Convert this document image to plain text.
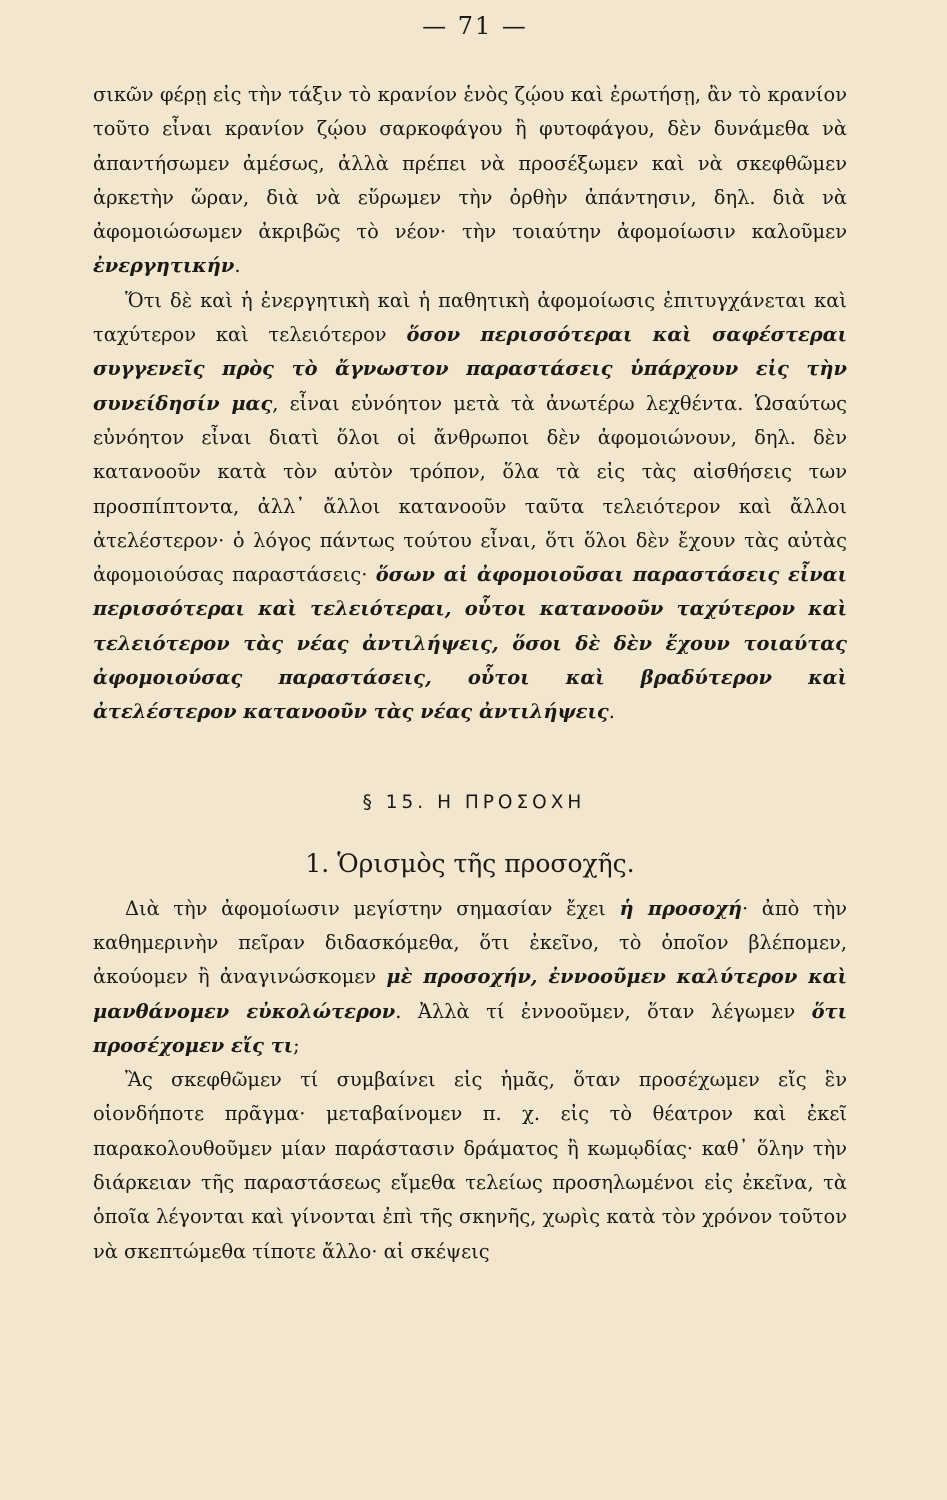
— 71 —

σικῶν φέρῃ εἰς τὴν τάξιν τὸ κρανίον ἑνὸς ζῴου καὶ ἐρωτήσῃ, ἂν τὸ κρανίον τοῦτο εἶναι κρανίον ζῴου σαρκοφάγου ἢ φυτοφάγου, δὲν δυνάμεθα νὰ ἀπαντήσωμεν ἀμέσως, ἀλλὰ πρέπει νὰ προσέξωμεν καὶ νὰ σκεφθῶμεν ἀρκετὴν ὥραν, διὰ νὰ εὕρωμεν τὴν ὀρθὴν ἀπάντησιν, δηλ. διὰ νὰ ἀφομοιώσωμεν ἀκριβῶς τὸ νέον· τὴν τοιαύτην ἀφομοίωσιν καλοῦμεν ἐνεργητικήν.

Ὅτι δὲ καὶ ἡ ἐνεργητικὴ καὶ ἡ παθητικὴ ἀφομοίωσις ἐπιτυγχάνεται καὶ ταχύτερον καὶ τελειότερον ὅσον περισσότεραι καὶ σαφέστεραι συγγενεῖς πρὸς τὸ ἄγνωστον παραστάσεις ὑπάρχουν εἰς τὴν συνείδησίν μας, εἶναι εὐνόητον μετὰ τὰ ἀνωτέρω λεχθέντα. Ὡσαύτως εὐνόητον εἶναι διατὶ ὅλοι οἱ ἄνθρωποι δὲν ἀφομοιώνουν, δηλ. δὲν κατανοοῦν κατὰ τὸν αὐτὸν τρόπον, ὅλα τὰ εἰς τὰς αἰσθήσεις των προσπίπτοντα, ἀλλ᾽ ἄλλοι κατανοοῦν ταῦτα τελειότερον καὶ ἄλλοι ἀτελέστερον· ὁ λόγος πάντως τούτου εἶναι, ὅτι ὅλοι δὲν ἔχουν τὰς αὐτὰς ἀφομοιούσας παραστάσεις· ὅσων αἱ ἀφομοιοῦσαι παραστάσεις εἶναι περισσότεραι καὶ τελειότεραι, οὗτοι κατανοοῦν ταχύτερον καὶ τελειότερον τὰς νέας ἀντιλήψεις, ὅσοι δὲ δὲν ἔχουν τοιαύτας ἀφομοιούσας παραστάσεις, οὗτοι καὶ βραδύτερον καὶ ἀτελέστερον κατανοοῦν τὰς νέας ἀντιλήψεις.

§ 15. Η ΠΡΟΣΟΧΗ
1. Ὁρισμὸς τῆς προσοχῆς.

Διὰ τὴν ἀφομοίωσιν μεγίστην σημασίαν ἔχει ἡ προσοχή· ἀπὸ τὴν καθημερινὴν πεῖραν διδασκόμεθα, ὅτι ἐκεῖνο, τὸ ὁποῖον βλέπομεν, ἀκούομεν ἢ ἀναγινώσκομεν μὲ προσοχήν, ἐννοοῦμεν καλύτερον καὶ μανθάνομεν εὐκολώτερον. Ἀλλὰ τί ἐννοοῦμεν, ὅταν λέγωμεν ὅτι προσέχομεν εἴς τι;

Ἂς σκεφθῶμεν τί συμβαίνει εἰς ἡμᾶς, ὅταν προσέχωμεν εἴς ἓν οἱονδήποτε πρᾶγμα· μεταβαίνομεν π. χ. εἰς τὸ θέατρον καὶ ἐκεῖ παρακολουθοῦμεν μίαν παράστασιν δράματος ἢ κωμῳδίας· καθ᾽ ὅλην τὴν διάρκειαν τῆς παραστάσεως εἴμεθα τελείως προσηλωμένοι εἰς ἐκεῖνα, τὰ ὁποῖα λέγονται καὶ γίνονται ἐπὶ τῆς σκηνῆς, χωρὶς κατὰ τὸν χρόνον τοῦτον νὰ σκεπτώμεθα τίποτε ἄλλο· αἱ σκέψεις
